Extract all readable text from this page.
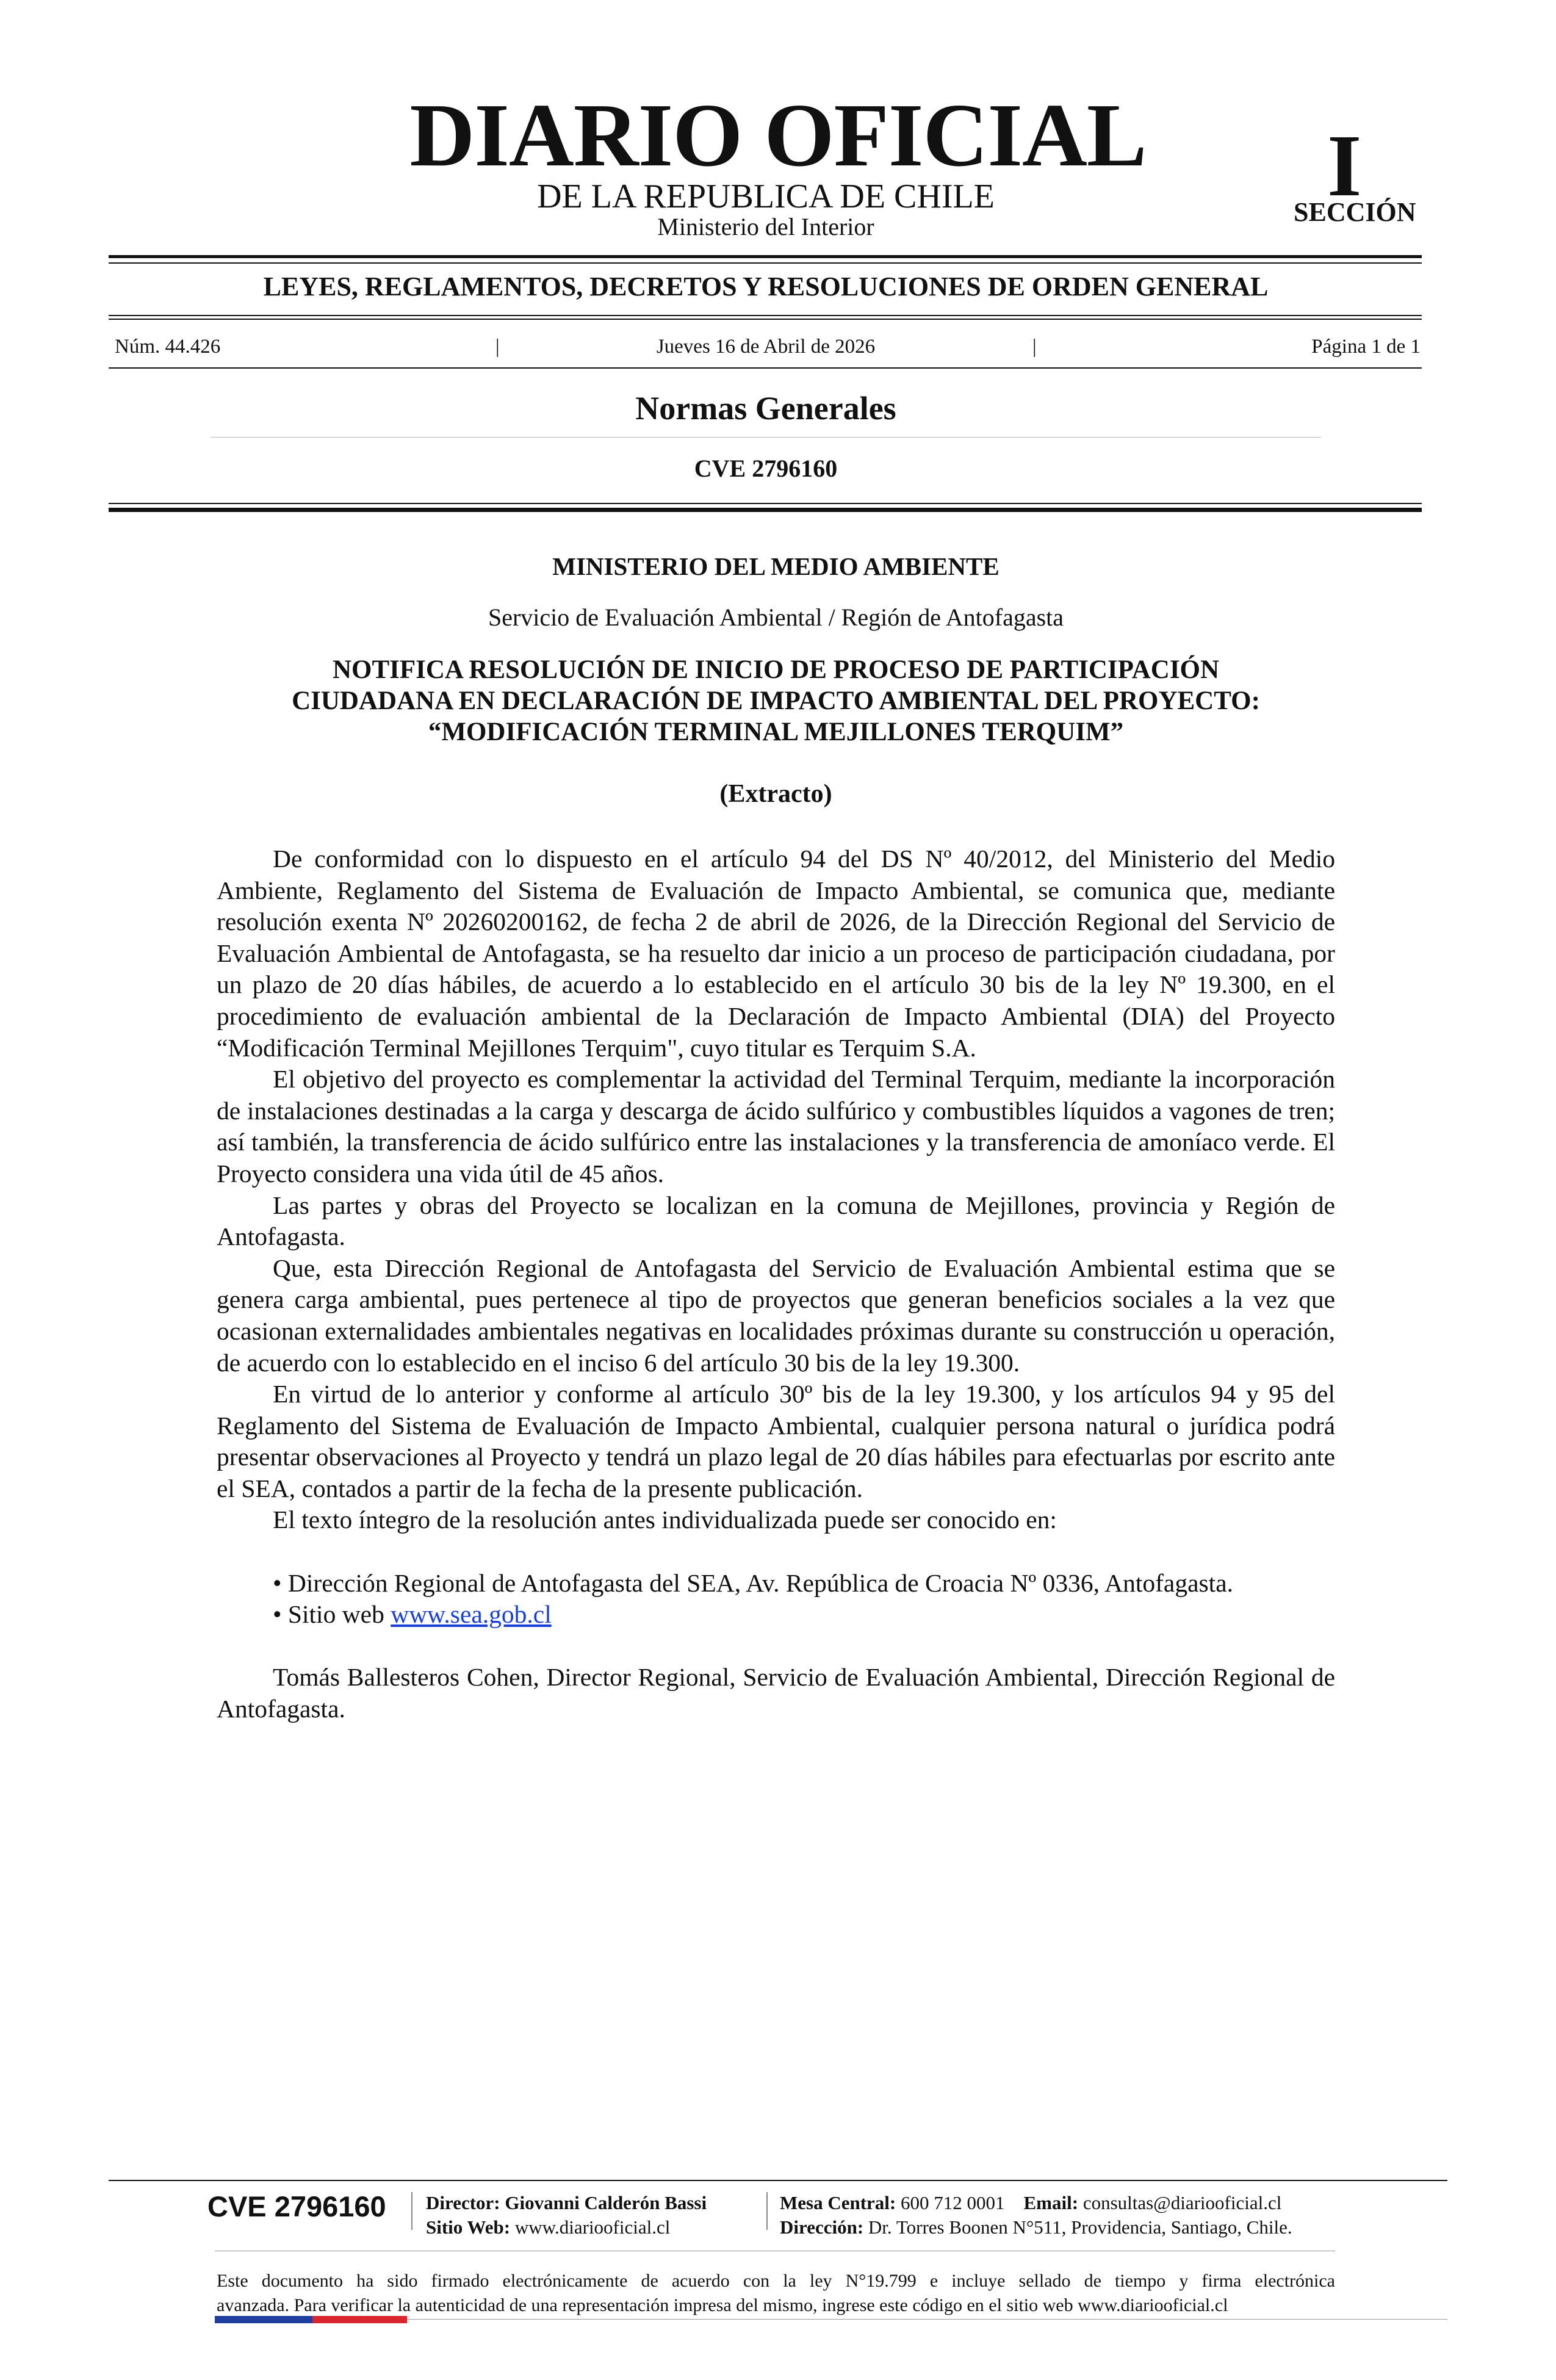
DIARIO OFICIAL
DE LA REPUBLICA DE CHILE
Ministerio del Interior
I
SECCIÓN
LEYES, REGLAMENTOS, DECRETOS Y RESOLUCIONES DE ORDEN GENERAL
Núm. 44.426	|	Jueves 16 de Abril de 2026	|	Página 1 de 1
Normas Generales
CVE 2796160
MINISTERIO DEL MEDIO AMBIENTE
Servicio de Evaluación Ambiental / Región de Antofagasta
NOTIFICA RESOLUCIÓN DE INICIO DE PROCESO DE PARTICIPACIÓN
CIUDADANA EN DECLARACIÓN DE IMPACTO AMBIENTAL DEL PROYECTO:
“MODIFICACIÓN TERMINAL MEJILLONES TERQUIM”
(Extracto)

De conformidad con lo dispuesto en el artículo 94 del DS Nº 40/2012, del Ministerio del Medio Ambiente, Reglamento del Sistema de Evaluación de Impacto Ambiental, se comunica que, mediante resolución exenta Nº 20260200162, de fecha 2 de abril de 2026, de la Dirección Regional del Servicio de Evaluación Ambiental de Antofagasta, se ha resuelto dar inicio a un proceso de participación ciudadana, por un plazo de 20 días hábiles, de acuerdo a lo establecido en el artículo 30 bis de la ley Nº 19.300, en el procedimiento de evaluación ambiental de la Declaración de Impacto Ambiental (DIA) del Proyecto “Modificación Terminal Mejillones Terquim", cuyo titular es Terquim S.A.

El objetivo del proyecto es complementar la actividad del Terminal Terquim, mediante la incorporación de instalaciones destinadas a la carga y descarga de ácido sulfúrico y combustibles líquidos a vagones de tren; así también, la transferencia de ácido sulfúrico entre las instalaciones y la transferencia de amoníaco verde. El Proyecto considera una vida útil de 45 años.

Las partes y obras del Proyecto se localizan en la comuna de Mejillones, provincia y Región de Antofagasta.

Que, esta Dirección Regional de Antofagasta del Servicio de Evaluación Ambiental estima que se genera carga ambiental, pues pertenece al tipo de proyectos que generan beneficios sociales a la vez que ocasionan externalidades ambientales negativas en localidades próximas durante su construcción u operación, de acuerdo con lo establecido en el inciso 6 del artículo 30 bis de la ley 19.300.

En virtud de lo anterior y conforme al artículo 30º bis de la ley 19.300, y los artículos 94 y 95 del Reglamento del Sistema de Evaluación de Impacto Ambiental, cualquier persona natural o jurídica podrá presentar observaciones al Proyecto y tendrá un plazo legal de 20 días hábiles para efectuarlas por escrito ante el SEA, contados a partir de la fecha de la presente publicación.

El texto íntegro de la resolución antes individualizada puede ser conocido en:

• Dirección Regional de Antofagasta del SEA, Av. República de Croacia Nº 0336, Antofagasta.

• Sitio web www.sea.gob.cl

Tomás Ballesteros Cohen, Director Regional, Servicio de Evaluación Ambiental, Dirección Regional de Antofagasta.

CVE 2796160 Director: Giovanni Calderón Bassi
Sitio Web: www.diariooficial.cl
Mesa Central: 600 712 0001 Email: consultas@diariooficial.cl
Dirección: Dr. Torres Boonen N°511, Providencia, Santiago, Chile.
Este documento ha sido firmado electrónicamente de acuerdo con la ley N°19.799 e incluye sellado de tiempo y firma electrónica
avanzada. Para verificar la autenticidad de una representación impresa del mismo, ingrese este código en el sitio web www.diariooficial.cl
